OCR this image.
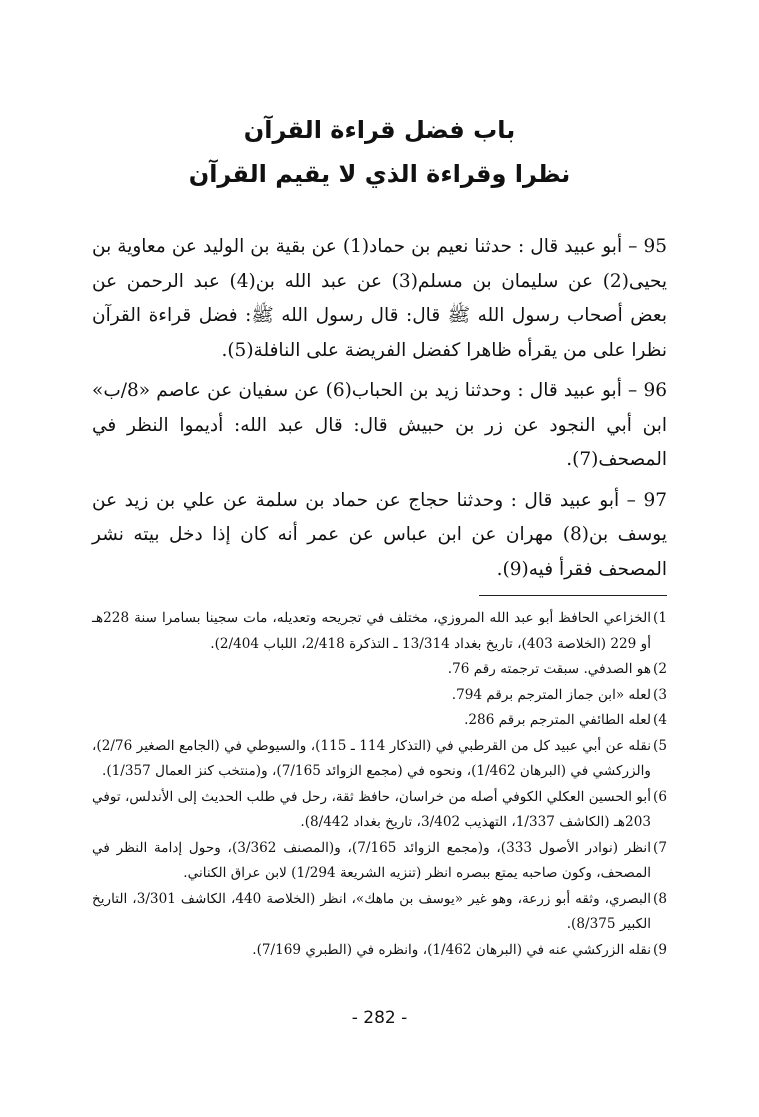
باب فضل قراءة القرآن
نظرا وقراءة الذي لا يقيم القرآن

95 – أبو عبيد قال : حدثنا نعيم بن حماد(1) عن بقية بن الوليد عن معاوية بن يحيى(2) عن سليمان بن مسلم(3) عن عبد الله بن(4) عبد الرحمن عن بعض أصحاب رسول الله ﷺ قال: قال رسول الله ﷺ: فضل قراءة القرآن نظرا على من يقرأه ظاهرا كفضل الفريضة على النافلة(5).

96 – أبو عبيد قال : وحدثنا زيد بن الحباب(6) عن سفيان عن عاصم «8/ب» ابن أبي النجود عن زر بن حبيش قال: قال عبد الله: أديموا النظر في المصحف(7).

97 – أبو عبيد قال : وحدثنا حجاج عن حماد بن سلمة عن علي بن زيد عن يوسف بن(8) مهران عن ابن عباس عن عمر أنه كان إذا دخل بيته نشر المصحف فقرأ فيه(9).

1)
الخزاعي الحافظ أبو عبد الله المروزي، مختلف في تجريحه وتعديله، مات سجينا بسامرا سنة 228هـ أو 229 (الخلاصة 403)، تاريخ بغداد 13/314 ـ التذكرة 2/418، اللباب 2/404).
2)
هو الصدفي. سبقت ترجمته رقم 76.
3)
لعله «ابن جماز المترجم برقم 794.
4)
لعله الطائفي المترجم برقم 286.
5)
نقله عن أبي عبيد كل من القرطبي في (التذكار 114 ـ 115)، والسيوطي في (الجامع الصغير 2/76)، والزركشي في (البرهان 1/462)، ونحوه في (مجمع الزوائد 7/165)، و(منتخب كنز العمال 1/357).
6)
أبو الحسين العكلي الكوفي أصله من خراسان، حافظ ثقة، رحل في طلب الحديث إلى الأندلس، توفي 203هـ (الكاشف 1/337، التهذيب 3/402، تاريخ بغداد 8/442).
7)
انظر (نوادر الأصول 333)، و(مجمع الزوائد 7/165)، و(المصنف 3/362)، وحول إدامة النظر في المصحف، وكون صاحبه يمتع ببصره انظر (تنزيه الشريعة 1/294) لابن عراق الكناني.
8)
البصري، وثقه أبو زرعة، وهو غير «يوسف بن ماهك»، انظر (الخلاصة 440، الكاشف 3/301، التاريخ الكبير 8/375).
9)
نقله الزركشي عنه في (البرهان 1/462)، وانظره في (الطبري 7/169).
- 282 -
